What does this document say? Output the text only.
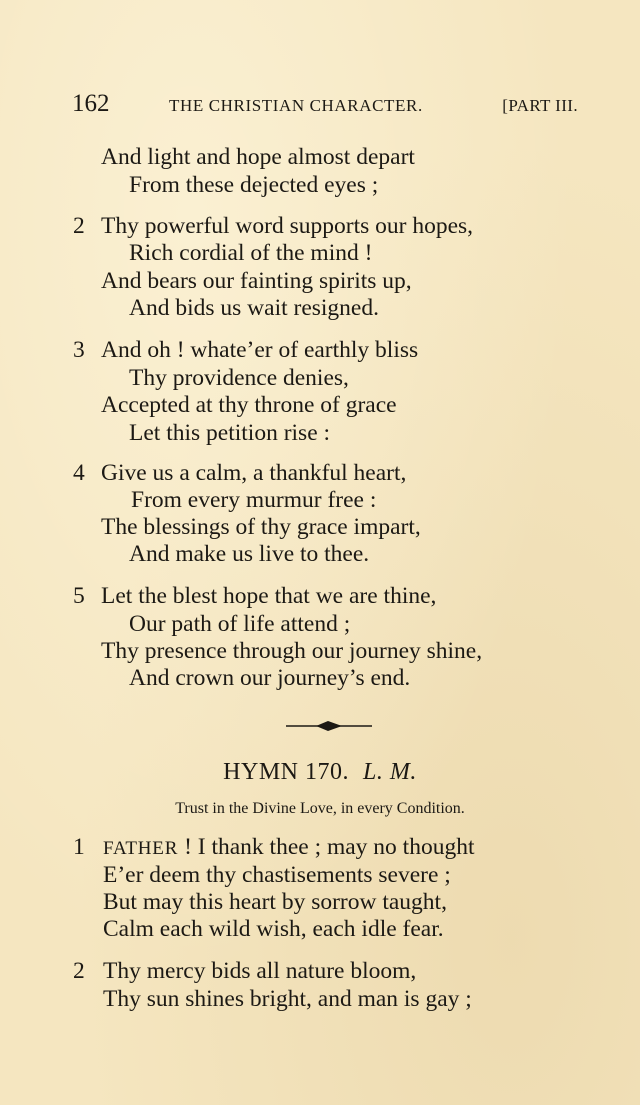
162	THE CHRISTIAN CHARACTER.	[PART III.
And light and hope almost depart
From these dejected eyes ;
2 Thy powerful word supports our hopes,
Rich cordial of the mind !
And bears our fainting spirits up,
And bids us wait resigned.
3 And oh ! whate’er of earthly bliss
Thy providence denies,
Accepted at thy throne of grace
Let this petition rise :
4 Give us a calm, a thankful heart,
From every murmur free :
The blessings of thy grace impart,
And make us live to thee.
5 Let the blest hope that we are thine,
Our path of life attend ;
Thy presence through our journey shine,
And crown our journey’s end.
HYMN 170. L. M.
Trust in the Divine Love, in every Condition.
1 FATHER ! I thank thee ; may no thought
E’er deem thy chastisements severe ;
But may this heart by sorrow taught,
Calm each wild wish, each idle fear.
2 Thy mercy bids all nature bloom,
Thy sun shines bright, and man is gay ;
